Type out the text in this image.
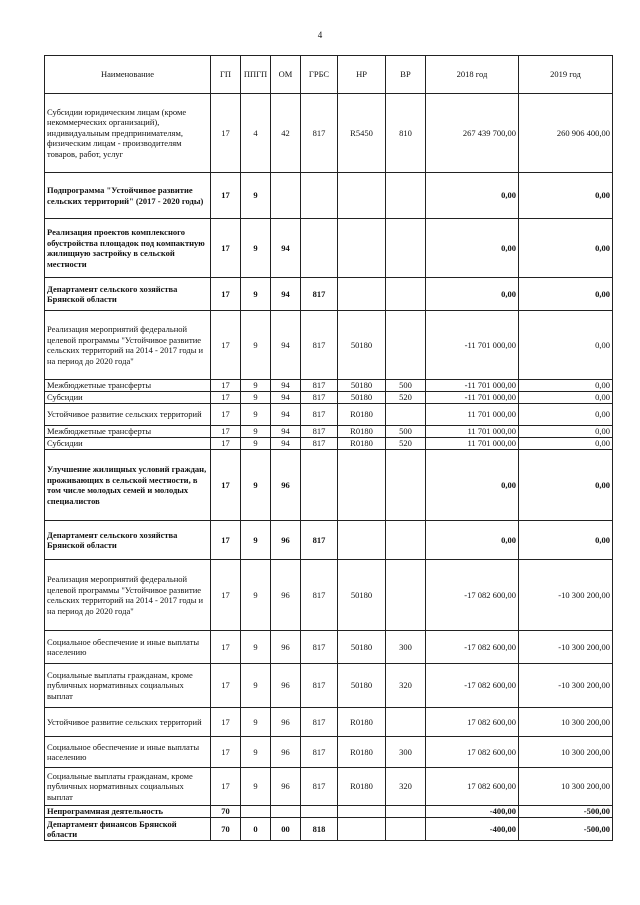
4
Наименование	ГП	ППГП	ОМ	ГРБС	НР	ВР	2018 год	2019 год
Субсидии юридическим лицам (кроме некоммерческих организаций), индивидуальным предпринимателям, физическим лицам - производителям товаров, работ, услуг	17	4	42	817	R5450	810	267 439 700,00	260 906 400,00
Подпрограмма "Устойчивое развитие сельских территорий" (2017 - 2020 годы)	17	9					0,00	0,00
Реализация проектов комплексного обустройства площадок под компактную жилищную застройку в сельской местности	17	9	94				0,00	0,00
Департамент сельского хозяйства Брянской области	17	9	94	817			0,00	0,00
Реализация мероприятий федеральной целевой программы "Устойчивое развитие сельских территорий на 2014 - 2017 годы и на период до 2020 года"	17	9	94	817	50180		-11 701 000,00	0,00
Межбюджетные трансферты	17	9	94	817	50180	500	-11 701 000,00	0,00
Субсидии	17	9	94	817	50180	520	-11 701 000,00	0,00
Устойчивое развитие сельских территорий	17	9	94	817	R0180		11 701 000,00	0,00
Межбюджетные трансферты	17	9	94	817	R0180	500	11 701 000,00	0,00
Субсидии	17	9	94	817	R0180	520	11 701 000,00	0,00
Улучшение жилищных условий граждан, проживающих в сельской местности, в том числе молодых семей и молодых специалистов	17	9	96				0,00	0,00
Департамент сельского хозяйства Брянской области	17	9	96	817			0,00	0,00
Реализация мероприятий федеральной целевой программы "Устойчивое развитие сельских территорий на 2014 - 2017 годы и на период до 2020 года"	17	9	96	817	50180		-17 082 600,00	-10 300 200,00
Социальное обеспечение и иные выплаты населению	17	9	96	817	50180	300	-17 082 600,00	-10 300 200,00
Социальные выплаты гражданам, кроме публичных нормативных социальных выплат	17	9	96	817	50180	320	-17 082 600,00	-10 300 200,00
Устойчивое развитие сельских территорий	17	9	96	817	R0180		17 082 600,00	10 300 200,00
Социальное обеспечение и иные выплаты населению	17	9	96	817	R0180	300	17 082 600,00	10 300 200,00
Социальные выплаты гражданам, кроме публичных нормативных социальных выплат	17	9	96	817	R0180	320	17 082 600,00	10 300 200,00
Непрограммная деятельность	70						-400,00	-500,00
Департамент финансов Брянской области	70	0	00	818			-400,00	-500,00
